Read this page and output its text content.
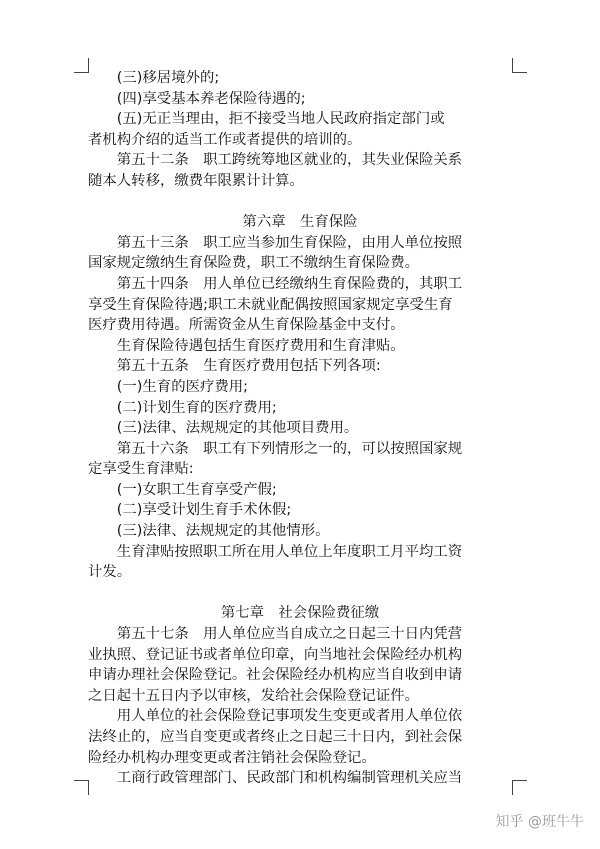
(三)移居境外的;

(四)享受基本养老保险待遇的;

(五)无正当理由，拒不接受当地人民政府指定部门或

者机构介绍的适当工作或者提供的培训的。

第五十二条　职工跨统筹地区就业的，其失业保险关系

随本人转移，缴费年限累计计算。

第六章　生育保险

第五十三条　职工应当参加生育保险，由用人单位按照

国家规定缴纳生育保险费，职工不缴纳生育保险费。

第五十四条　用人单位已经缴纳生育保险费的，其职工

享受生育保险待遇;职工未就业配偶按照国家规定享受生育

医疗费用待遇。所需资金从生育保险基金中支付。

生育保险待遇包括生育医疗费用和生育津贴。

第五十五条　生育医疗费用包括下列各项:

(一)生育的医疗费用;

(二)计划生育的医疗费用;

(三)法律、法规规定的其他项目费用。

第五十六条　职工有下列情形之一的，可以按照国家规

定享受生育津贴:

(一)女职工生育享受产假;

(二)享受计划生育手术休假;

(三)法律、法规规定的其他情形。

生育津贴按照职工所在用人单位上年度职工月平均工资

计发。

第七章　社会保险费征缴

第五十七条　用人单位应当自成立之日起三十日内凭营

业执照、登记证书或者单位印章，向当地社会保险经办机构

申请办理社会保险登记。社会保险经办机构应当自收到申请

之日起十五日内予以审核，发给社会保险登记证件。

用人单位的社会保险登记事项发生变更或者用人单位依

法终止的，应当自变更或者终止之日起三十日内，到社会保

险经办机构办理变更或者注销社会保险登记。

工商行政管理部门、民政部门和机构编制管理机关应当

知乎 @班牛牛
